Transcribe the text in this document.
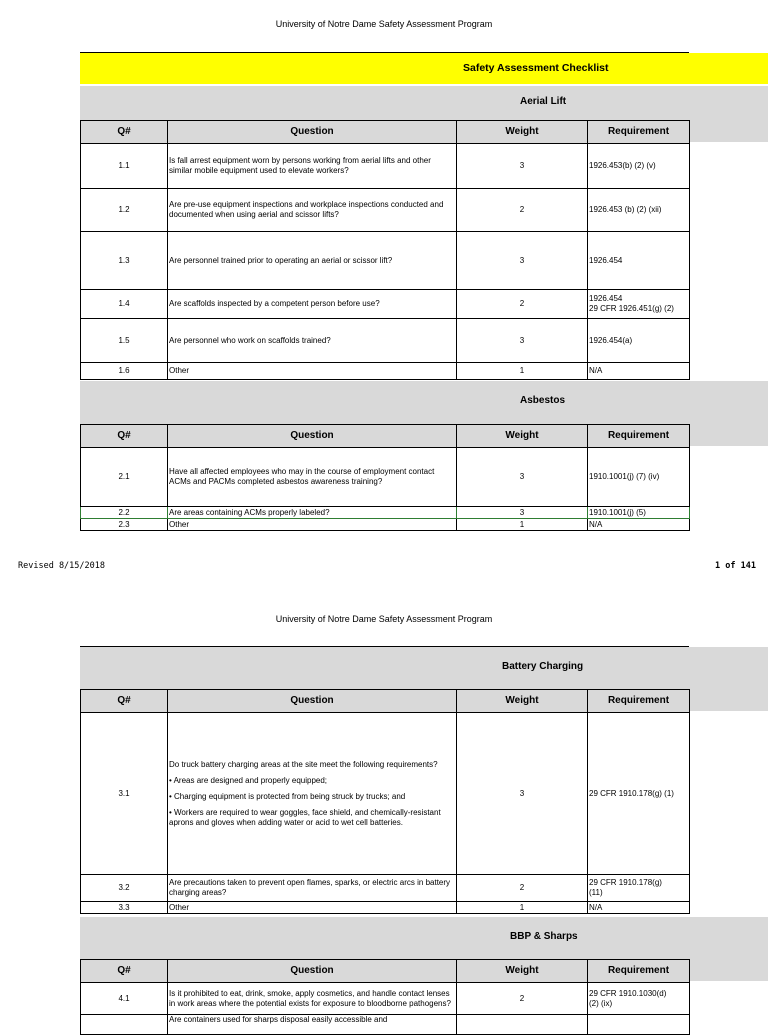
University of Notre Dame Safety Assessment Program
Safety Assessment Checklist
Aerial Lift
Q#	Question	Weight	Requirement
1.1	Is fall arrest equipment worn by persons working from aerial lifts and other similar mobile equipment used to elevate workers?	3	1926.453(b) (2) (v)
1.2	Are pre-use equipment inspections and workplace inspections conducted and documented when using aerial and scissor lifts?	2	1926.453 (b) (2) (xii)
1.3	Are personnel trained prior to operating an aerial or scissor lift?	3	1926.454
1.4	Are scaffolds inspected by a competent person before use?	2	1926.454
29 CFR 1926.451(g) (2)
1.5	Are personnel who work on scaffolds trained?	3	1926.454(a)
1.6	Other	1	N/A
Asbestos
Q#	Question	Weight	Requirement
2.1	Have all affected employees who may in the course of employment contact ACMs and PACMs completed asbestos awareness training?	3	1910.1001(j) (7) (iv)
2.2	Are areas containing ACMs properly labeled?	3	1910.1001(j) (5)
2.3	Other	1	N/A
Revised 8/15/2018	1 of 141
University of Notre Dame Safety Assessment Program
Battery Charging
Q#	Question	Weight	Requirement
3.1	Do truck battery charging areas at the site meet the following requirements?

• Areas are designed and properly equipped;

• Charging equipment is protected from being struck by trucks; and

• Workers are required to wear goggles, face shield, and chemically-resistant aprons and gloves when adding water or acid to wet cell batteries.	3	29 CFR 1910.178(g) (1)
3.2	Are precautions taken to prevent open flames, sparks, or electric arcs in battery charging areas?	2	29 CFR 1910.178(g)
(11)
3.3	Other	1	N/A
BBP & Sharps
Q#	Question	Weight	Requirement
4.1	Is it prohibited to eat, drink, smoke, apply cosmetics, and handle contact lenses in work areas where the potential exists for exposure to bloodborne pathogens?	2	29 CFR 1910.1030(d)
(2) (ix)
	Are containers used for sharps disposal easily accessible and		
